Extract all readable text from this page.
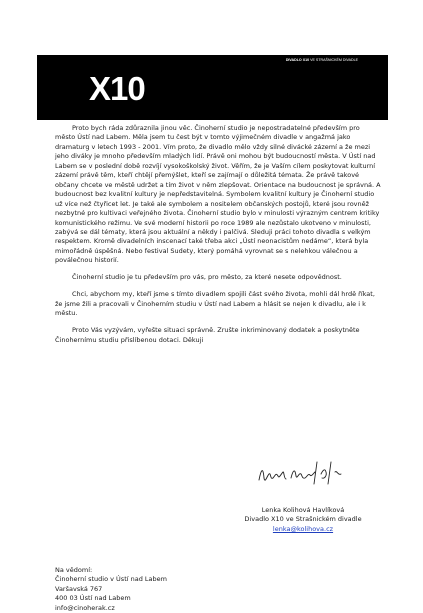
X10
DIVADLO X10 VE STRAŠNICKÉM DIVADLE

Proto bych ráda zdůraznila jinou věc. Činoherní studio je nepostradatelné především pro město Ústí nad Labem. Měla jsem tu čest být v tomto výjimečném divadle v angažmá jako dramaturg v letech 1993 - 2001. Vím proto, že divadlo mělo vždy silné divácké zázemí a že mezi jeho diváky je mnoho především mladých lidí. Právě oni mohou být budoucností města. V Ústí nad Labem se v poslední době rozvíjí vysokoškolský život. Věřím, že je Vaším cílem poskytovat kulturní zázemí právě těm, kteří chtějí přemýšlet, kteří se zajímají o důležitá témata. Že právě takové občany chcete ve městě udržet a tím život v něm zlepšovat. Orientace na budoucnost je správná. A budoucnost bez kvalitní kultury je nepředstavitelná. Symbolem kvalitní kultury je Činoherní studio už více než čtyřicet let. Je také ale symbolem a nositelem občanských postojů, které jsou rovněž nezbytné pro kultivaci veřejného života. Činoherní studio bylo v minulosti výrazným centrem kritiky komunistického režimu. Ve své moderní historii po roce 1989 ale nezůstalo ukotveno v minulosti, zabývá se dál tématy, která jsou aktuální a někdy i palčivá. Sleduji práci tohoto divadla s velkým respektem. Kromě divadelních inscenací také třeba akci „Ústí neonacistům nedáme“, která byla mimořádně úspěšná. Nebo festival Sudety, který pomáhá vyrovnat se s nelehkou válečnou a poválečnou historií.

Činoherní studio je tu především pro vás, pro město, za které nesete odpovědnost.

Chci, abychom my, kteří jsme s tímto divadlem spojili část svého života, mohli dál hrdě říkat, že jsme žili a pracovali v Činoherním studiu v Ústí nad Labem a hlásit se nejen k divadlu, ale i k městu.

Proto Vás vyzývám, vyřešte situaci správně. Zrušte inkriminovaný dodatek a poskytněte Činohernímu studiu přislíbenou dotaci. Děkuji

Lenka Kolihová Havlíková
Divadlo X10 ve Strašnickém divadle
lenka@kolihova.cz
Na vědomí:
Činoherní studio v Ústí nad Labem
Varšavská 767
400 03 Ústí nad Labem
info@cinoherak.cz
